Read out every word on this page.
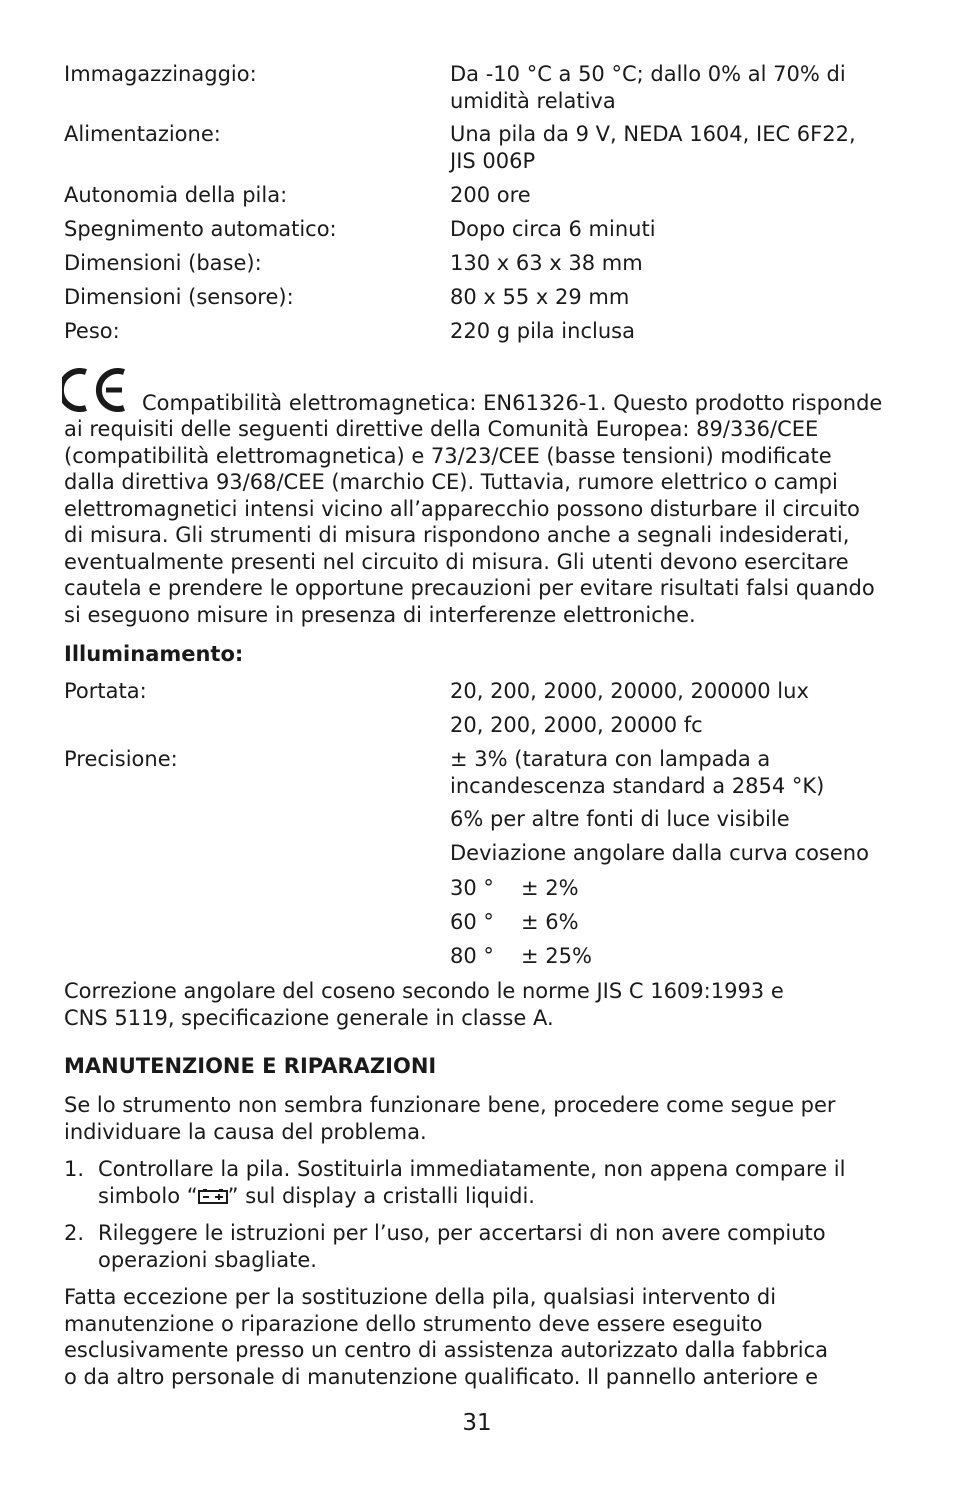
Immagazzinaggio:	Da -10 °C a 50 °C; dallo 0% al 70% di
umidità relativa
Alimentazione:	Una pila da 9 V, NEDA 1604, IEC 6F22,
JIS 006P
Autonomia della pila:	200 ore
Spegnimento automatico:	Dopo circa 6 minuti
Dimensioni (base):	130 x 63 x 38 mm
Dimensioni (sensore):	80 x 55 x 29 mm
Peso:	220 g pila inclusa
Compatibilità elettromagnetica: EN61326-1. Questo prodotto risponde
ai requisiti delle seguenti direttive della Comunità Europea: 89/336/CEE
(compatibilità elettromagnetica) e 73/23/CEE (basse tensioni) modificate
dalla direttiva 93/68/CEE (marchio CE). Tuttavia, rumore elettrico o campi
elettromagnetici intensi vicino all’apparecchio possono disturbare il circuito
di misura. Gli strumenti di misura rispondono anche a segnali indesiderati,
eventualmente presenti nel circuito di misura. Gli utenti devono esercitare
cautela e prendere le opportune precauzioni per evitare risultati falsi quando
si eseguono misure in presenza di interferenze elettroniche.
Illuminamento:
Portata:	20, 200, 2000, 20000, 200000 lux
20, 200, 2000, 20000 fc
Precisione:	± 3% (taratura con lampada a
incandescenza standard a 2854 °K)
6% per altre fonti di luce visibile
Deviazione angolare dalla curva coseno
30 ° ± 2%
60 ° ± 6%
80 ° ± 25%
Correzione angolare del coseno secondo le norme JIS C 1609:1993 e
CNS 5119, specificazione generale in classe A.
MANUTENZIONE E RIPARAZIONI
Se lo strumento non sembra funzionare bene, procedere come segue per
individuare la causa del problema.
1. Controllare la pila. Sostituirla immediatamente, non appena compare il
simbolo “ ” sul display a cristalli liquidi.
2. Rileggere le istruzioni per l’uso, per accertarsi di non avere compiuto
operazioni sbagliate.
Fatta eccezione per la sostituzione della pila, qualsiasi intervento di
manutenzione o riparazione dello strumento deve essere eseguito
esclusivamente presso un centro di assistenza autorizzato dalla fabbrica
o da altro personale di manutenzione qualificato. Il pannello anteriore e
31
